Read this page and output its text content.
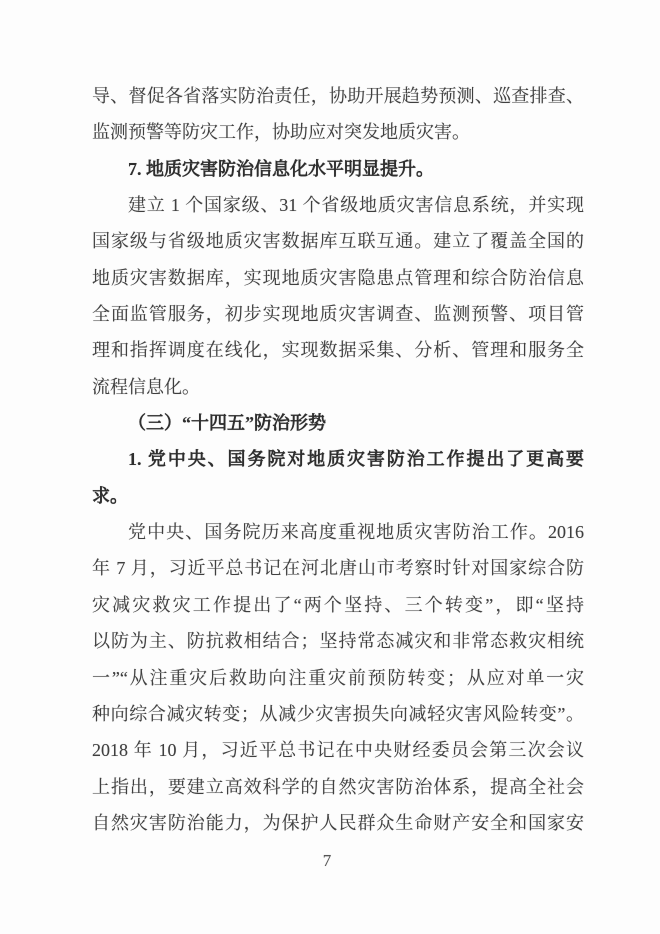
导、督促各省落实防治责任，协助开展趋势预测、巡查排查、
监测预警等防灾工作，协助应对突发地质灾害。
7. 地质灾害防治信息化水平明显提升。
建立 1 个国家级、31 个省级地质灾害信息系统，并实现
国家级与省级地质灾害数据库互联互通。建立了覆盖全国的
地质灾害数据库，实现地质灾害隐患点管理和综合防治信息
全面监管服务，初步实现地质灾害调查、监测预警、项目管
理和指挥调度在线化，实现数据采集、分析、管理和服务全
流程信息化。
（三）“十四五”防治形势
1. 党中央、国务院对地质灾害防治工作提出了更高要
求。
党中央、国务院历来高度重视地质灾害防治工作。2016
年 7 月，习近平总书记在河北唐山市考察时针对国家综合防
灾减灾救灾工作提出了“两个坚持、三个转变”，即“坚持
以防为主、防抗救相结合；坚持常态减灾和非常态救灾相统
一”“从注重灾后救助向注重灾前预防转变；从应对单一灾
种向综合减灾转变；从减少灾害损失向减轻灾害风险转变”。
2018 年 10 月，习近平总书记在中央财经委员会第三次会议
上指出，要建立高效科学的自然灾害防治体系，提高全社会
自然灾害防治能力，为保护人民群众生命财产安全和国家安
7
